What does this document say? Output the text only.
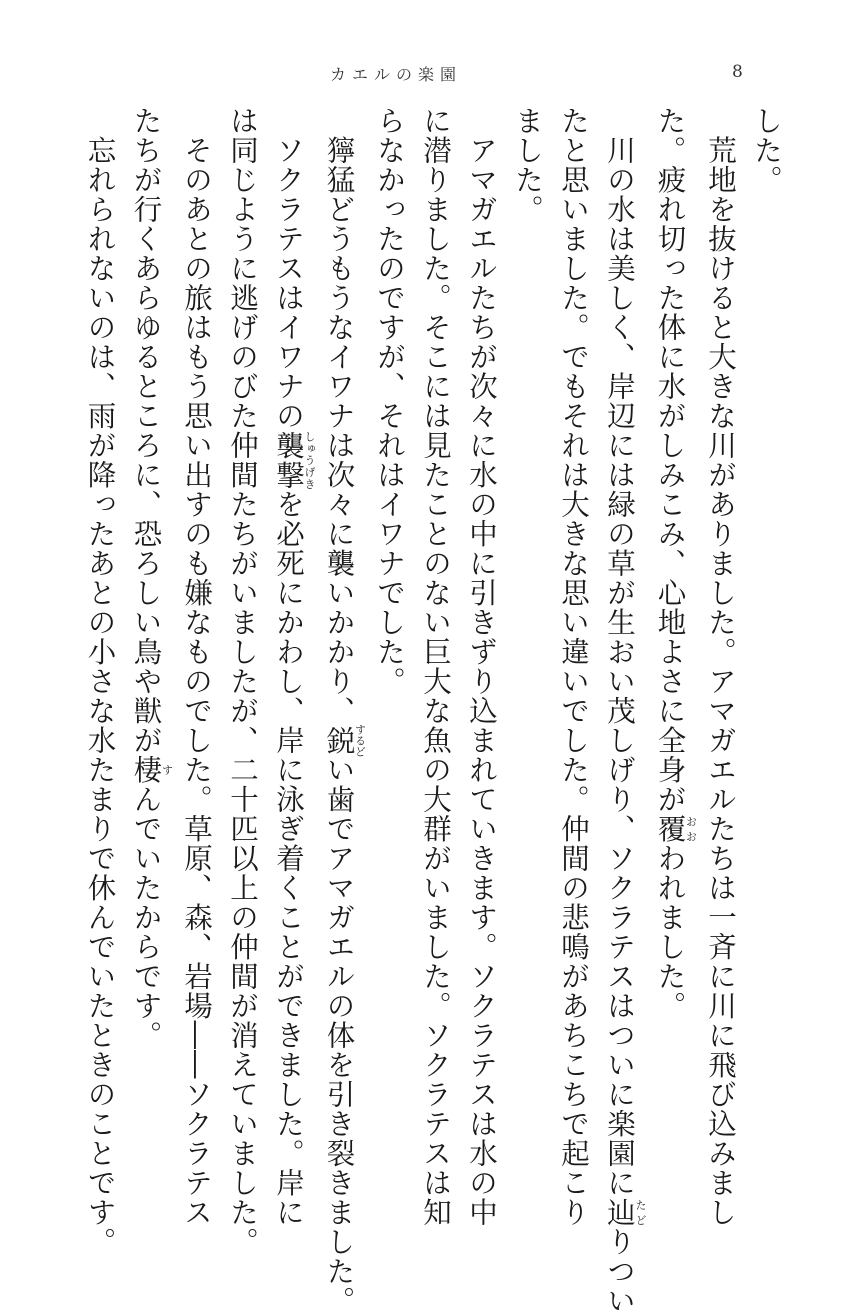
カエルの楽園	8
した。
　荒地を抜けると大きな川がありました。アマガエルたちは一斉に川に飛び込みまし
た。疲れ切った体に水がしみこみ、心地よさに全身が覆おおわれました。
　川の水は美しく、岸辺には緑の草が生おい茂しげり、ソクラテスはついに楽園に辿たどりつい
たと思いました。でもそれは大きな思い違いでした。仲間の悲鳴があちこちで起こり
ました。
　アマガエルたちが次々に水の中に引きずり込まれていきます。ソクラテスは水の中
に潜りました。そこには見たことのない巨大な魚の大群がいました。ソクラテスは知
らなかったのですが、それはイワナでした。
　獰猛どうもうなイワナは次々に襲いかかり、鋭するどい歯でアマガエルの体を引き裂きました。
　ソクラテスはイワナの襲撃しゅうげきを必死にかわし、岸に泳ぎ着くことができました。岸に
は同じように逃げのびた仲間たちがいましたが、二十匹以上の仲間が消えていました。
　そのあとの旅はもう思い出すのも嫌なものでした。草原、森、岩場――ソクラテス
たちが行くあらゆるところに、恐ろしい鳥や獣が棲すんでいたからです。
　忘れられないのは、雨が降ったあとの小さな水たまりで休んでいたときのことです。
